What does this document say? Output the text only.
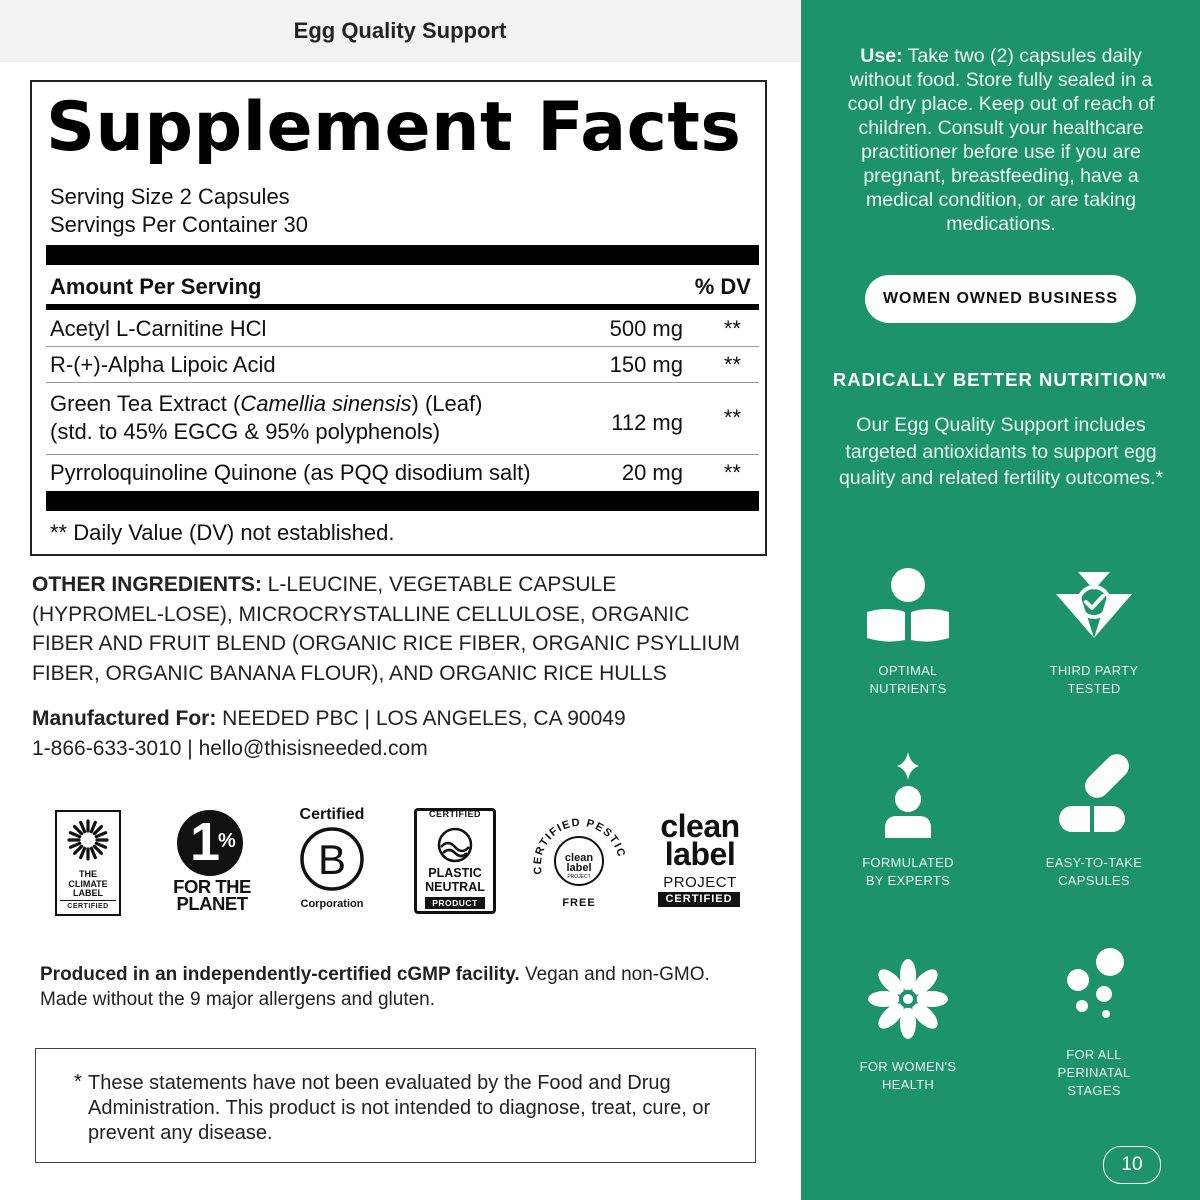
Egg Quality Support
Supplement Facts
Serving Size 2 Capsules
Servings Per Container 30
Amount Per Serving	% DV
Acetyl L-Carnitine HCl	500 mg **
R-(+)-Alpha Lipoic Acid	150 mg **
Green Tea Extract (Camellia sinensis) (Leaf)
(std. to 45% EGCG & 95% polyphenols)	112 mg **
Pyrroloquinoline Quinone (as PQQ disodium salt)	20 mg **
** Daily Value (DV) not established.
OTHER INGREDIENTS: L-LEUCINE, VEGETABLE CAPSULE (HYPROMEL-LOSE), MICROCRYSTALLINE CELLULOSE, ORGANIC FIBER AND FRUIT BLEND (ORGANIC RICE FIBER, ORGANIC PSYLLIUM FIBER, ORGANIC BANANA FLOUR), AND ORGANIC RICE HULLS
Manufactured For: NEEDED PBC | LOS ANGELES, CA 90049
1-866-633-3010 | hello@thisisneeded.com
THE
CLIMATE
LABEL
CERTIFIED
1
%
FOR THE
PLANET
Certified
B
Corporation
CERTIFIED
PLASTIC
NEUTRAL
PRODUCT
CERTIFIED PESTIC
FREE
clean
label
PROJECT
clean
label
PROJECT
CERTIFIED
Produced in an independently-certified cGMP facility. Vegan and non-GMO.
Made without the 9 major allergens and gluten.
* These statements have not been evaluated by the Food and Drug Administration. This product is not intended to diagnose, treat, cure, or prevent any disease.
Use: Take two (2) capsules daily without food. Store fully sealed in a cool dry place. Keep out of reach of children. Consult your healthcare practitioner before use if you are pregnant, breastfeeding, have a medical condition, or are taking medications.
WOMEN OWNED BUSINESS
RADICALLY BETTER NUTRITION™
Our Egg Quality Support includes targeted antioxidants to support egg quality and related fertility outcomes.*
OPTIMAL
NUTRIENTS
THIRD PARTY
TESTED
FORMULATED
BY EXPERTS
EASY-TO-TAKE
CAPSULES
FOR WOMEN'S
HEALTH
FOR ALL
PERINATAL
STAGES
10
